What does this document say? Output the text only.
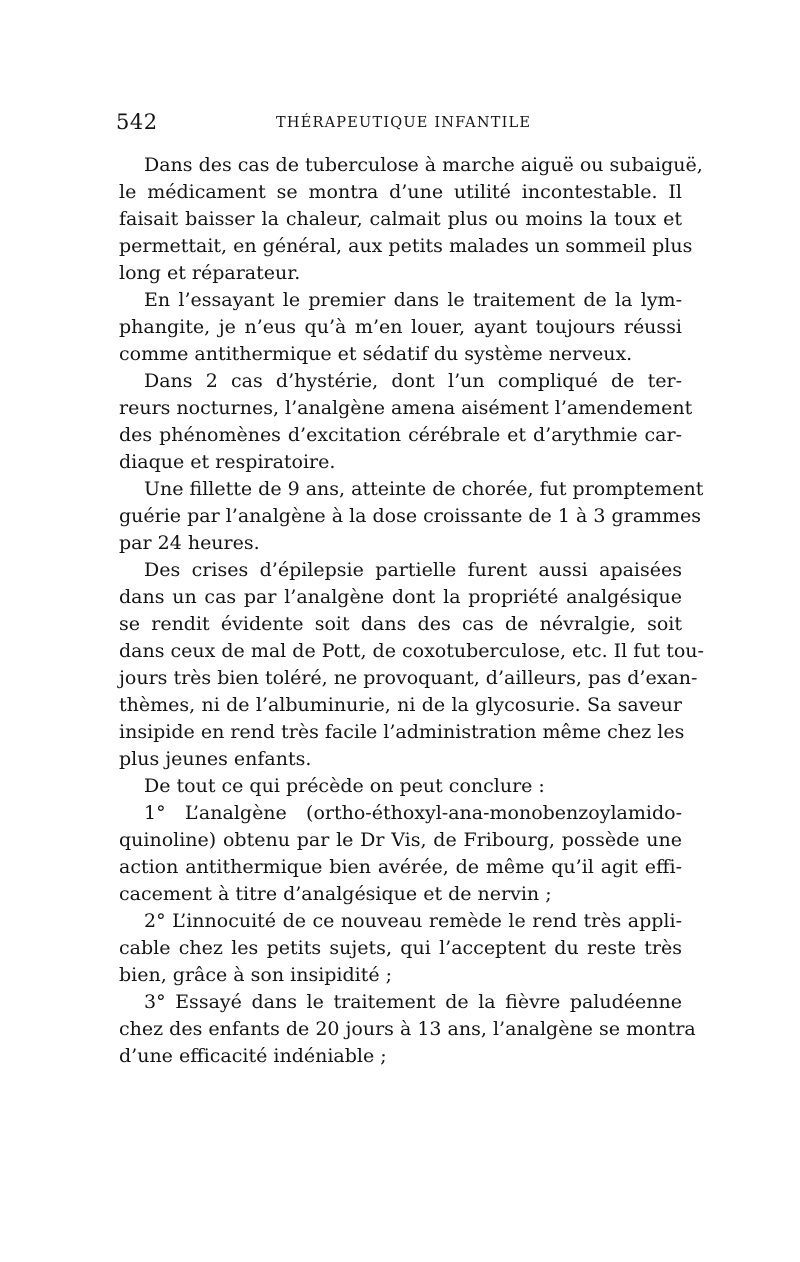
542	THÉRAPEUTIQUE INFANTILE
Dans des cas de tuberculose à marche aiguë ou subaiguë,
le médicament se montra d’une utilité incontestable. Il
faisait baisser la chaleur, calmait plus ou moins la toux et
permettait, en général, aux petits malades un sommeil plus
long et réparateur.
En l’essayant le premier dans le traitement de la lym-
phangite, je n’eus qu’à m’en louer, ayant toujours réussi
comme antithermique et sédatif du système nerveux.
Dans 2 cas d’hystérie, dont l’un compliqué de ter-
reurs nocturnes, l’analgène amena aisément l’amendement
des phénomènes d’excitation cérébrale et d’arythmie car-
diaque et respiratoire.
Une fillette de 9 ans, atteinte de chorée, fut promptement
guérie par l’analgène à la dose croissante de 1 à 3 grammes
par 24 heures.
Des crises d’épilepsie partielle furent aussi apaisées
dans un cas par l’analgène dont la propriété analgésique
se rendit évidente soit dans des cas de névralgie, soit
dans ceux de mal de Pott, de coxotuberculose, etc. Il fut tou-
jours très bien toléré, ne provoquant, d’ailleurs, pas d’exan-
thèmes, ni de l’albuminurie, ni de la glycosurie. Sa saveur
insipide en rend très facile l’administration même chez les
plus jeunes enfants.
De tout ce qui précède on peut conclure :
1° L’analgène (ortho-éthoxyl-ana-monobenzoylamido-
quinoline) obtenu par le Dr Vis, de Fribourg, possède une
action antithermique bien avérée, de même qu’il agit effi-
cacement à titre d’analgésique et de nervin ;
2° L’innocuité de ce nouveau remède le rend très appli-
cable chez les petits sujets, qui l’acceptent du reste très
bien, grâce à son insipidité ;
3° Essayé dans le traitement de la fièvre paludéenne
chez des enfants de 20 jours à 13 ans, l’analgène se montra
d’une efficacité indéniable ;
